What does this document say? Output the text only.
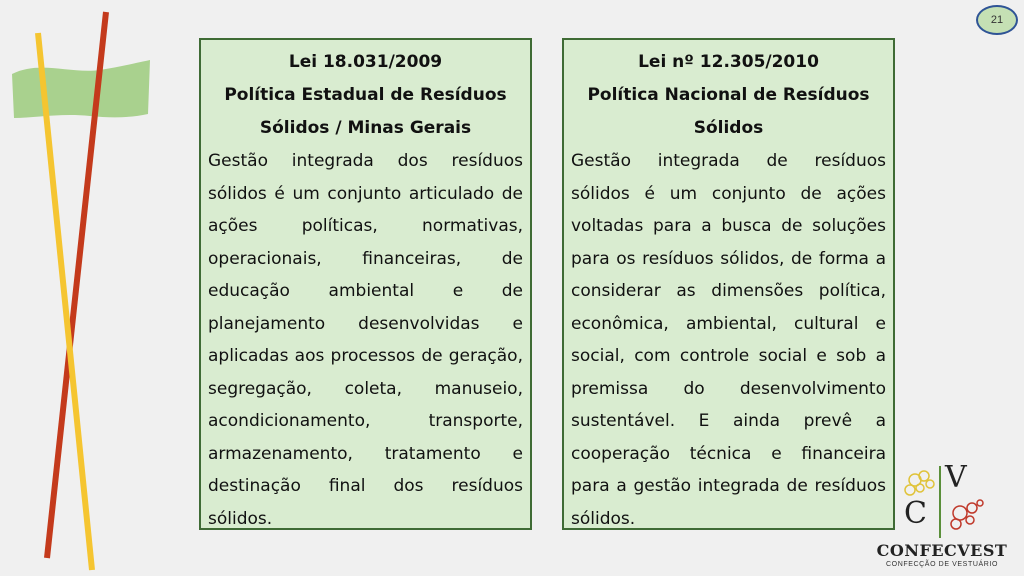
21
Lei 18.031/2009
Política Estadual de Resíduos
Sólidos / Minas Gerais

Gestão integrada dos resíduos sólidos é um conjunto articulado de ações políticas, normativas, operacionais, financeiras, de educação ambiental e de planejamento desenvolvidas e aplicadas aos processos de geração, segregação, coleta, manuseio, acondicionamento, transporte, armazenamento, tratamento e destinação final dos resíduos sólidos.

Lei nº 12.305/2010
Política Nacional de Resíduos
Sólidos

Gestão integrada de resíduos sólidos é um conjunto de ações voltadas para a busca de soluções para os resíduos sólidos, de forma a considerar as dimensões política, econômica, ambiental, cultural e social, com controle social e sob a premissa do desenvolvimento sustentável. E ainda prevê a cooperação técnica e financeira para a gestão integrada de resíduos sólidos.	C
V
CONFECVEST
CONFECÇÃO DE VESTUÁRIO
